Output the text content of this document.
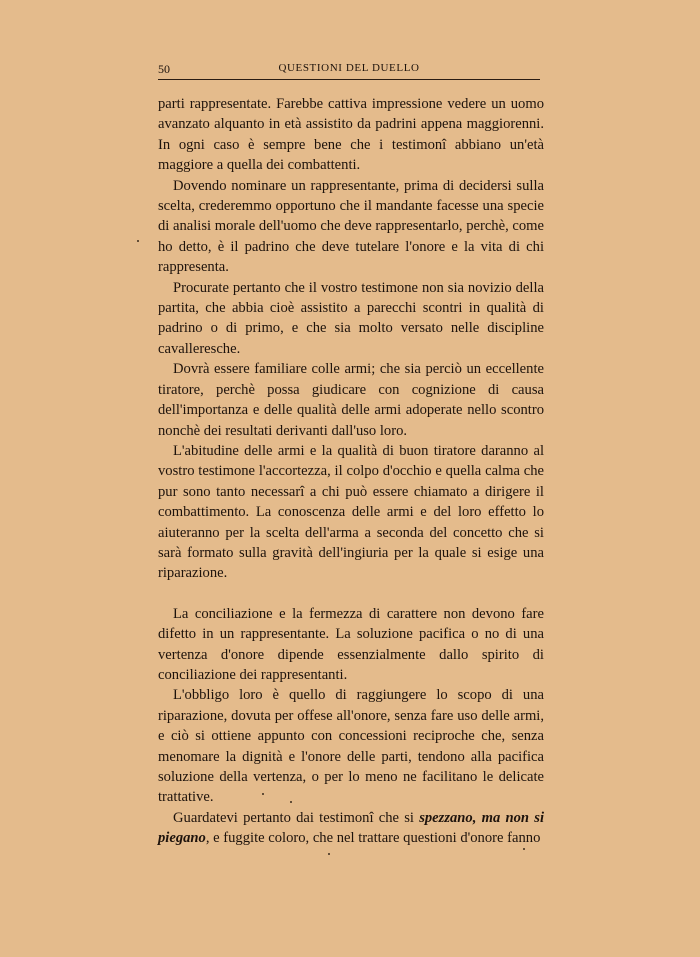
50	QUESTIONI DEL DUELLO

parti rappresentate. Farebbe cattiva impressione vedere un uomo avanzato alquanto in età assistito da padrini appena maggiorenni. In ogni caso è sempre bene che i testimonî abbiano un'età maggiore a quella dei combattenti.

Dovendo nominare un rappresentante, prima di decidersi sulla scelta, crederemmo opportuno che il mandante facesse una specie di analisi morale dell'uomo che deve rappresentarlo, perchè, come ho detto, è il padrino che deve tutelare l'onore e la vita di chi rappresenta.

Procurate pertanto che il vostro testimone non sia novizio della partita, che abbia cioè assistito a parecchi scontri in qualità di padrino o di primo, e che sia molto versato nelle discipline cavalleresche.

Dovrà essere familiare colle armi; che sia perciò un eccellente tiratore, perchè possa giudicare con cognizione di causa dell'importanza e delle qualità delle armi adoperate nello scontro nonchè dei resultati derivanti dall'uso loro.

L'abitudine delle armi e la qualità di buon tiratore daranno al vostro testimone l'accortezza, il colpo d'occhio e quella calma che pur sono tanto necessarî a chi può essere chiamato a dirigere il combattimento. La conoscenza delle armi e del loro effetto lo aiuteranno per la scelta dell'arma a seconda del concetto che si sarà formato sulla gravità dell'ingiuria per la quale si esige una riparazione.

La conciliazione e la fermezza di carattere non devono fare difetto in un rappresentante. La soluzione pacifica o no di una vertenza d'onore dipende essenzialmente dallo spirito di conciliazione dei rappresentanti.

L'obbligo loro è quello di raggiungere lo scopo di una riparazione, dovuta per offese all'onore, senza fare uso delle armi, e ciò si ottiene appunto con concessioni reciproche che, senza menomare la dignità e l'onore delle parti, tendono alla pacifica soluzione della vertenza, o per lo meno ne facilitano le delicate trattative.

Guardatevi pertanto dai testimonî che si spezzano, ma non si piegano, e fuggite coloro, che nel trattare questioni d'onore fanno
